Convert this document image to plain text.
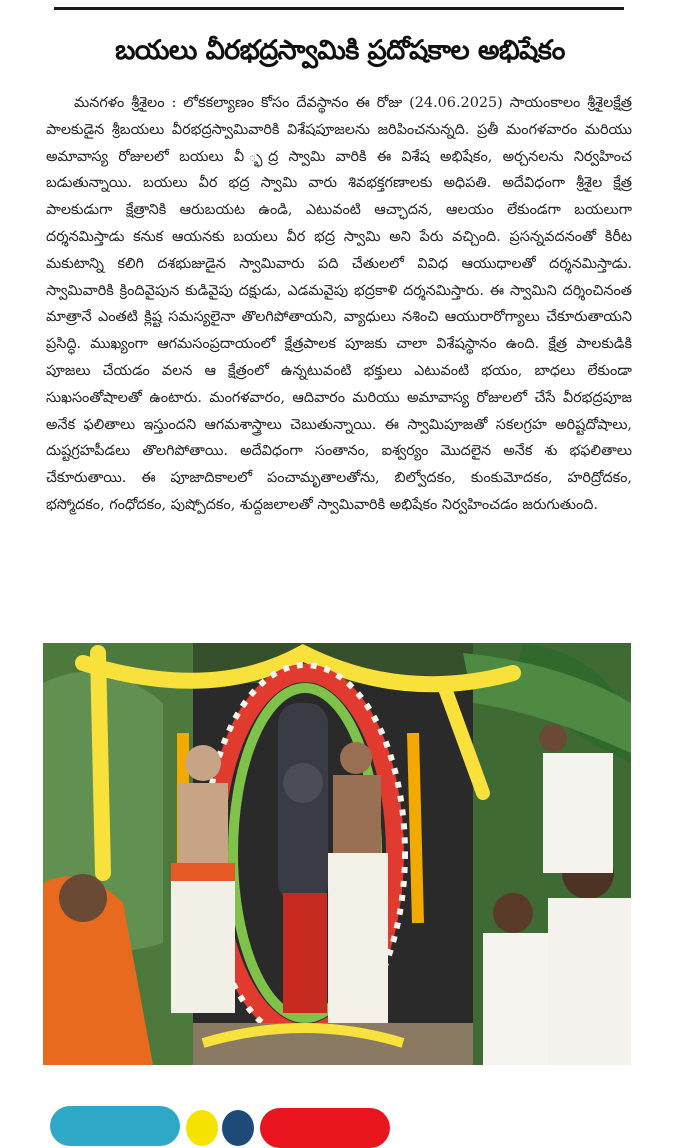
బయలు వీరభద్రస్వామికి ప్రదోషకాల అభిషేకం

మనగళం శ్రీశైలం : లోకకల్యాణం కోసం దేవస్థానం ఈ రోజు (24.06.2025) సాయంకాలం శ్రీశైలక్షేత్ర పాలకుడైన శ్రీబయలు వీరభద్రస్వామివారికి విశేషపూజలను జరిపించనున్నది. ప్రతీ మంగళవారం మరియు అమావాస్య రోజులలో బయలు వీ ్భద్ర స్వామి వారికి ఈ విశేష అభిషేకం, అర్చనలను నిర్వహించ బడుతున్నాయి. బయలు వీర భద్ర స్వామి వారు శివభక్తగణాలకు అధిపతి. అదేవిధంగా శ్రీశైల క్షేత్ర పాలకుడుగా క్షేత్రానికి ఆరుబయట ఉండి, ఎటువంటి ఆచ్ఛాదన, ఆలయం లేకుండగా బయలుగా దర్శనమిస్తాడు కనుక ఆయనకు బయలు వీర భద్ర స్వామి అని పేరు వచ్చింది. ప్రసన్నవదనంతో కిరీట మకుటాన్ని కలిగి దశభుజుడైన స్వామివారు పది చేతులలో వివిధ ఆయుధాలతో దర్శనమిస్తాడు. స్వామివారికి క్రిందివైపున కుడివైపు దక్షుడు, ఎడమవైపు భద్రకాళి దర్శనమిస్తారు. ఈ స్వామిని దర్శించినంత మాత్రానే ఎంతటి క్లిష్ట సమస్యలైనా తొలగిపోతాయని, వ్యాధులు నశించి ఆయురారోగ్యాలు చేకూరుతాయని ప్రసిద్ధి. ముఖ్యంగా ఆగమసంప్రదాయంలో క్షేత్రపాలక పూజకు చాలా విశేషస్థానం ఉంది. క్షేత్ర పాలకుడికి పూజలు చేయడం వలన ఆ క్షేత్రంలో ఉన్నటువంటి భక్తులు ఎటువంటి భయం, బాధలు లేకుండా సుఖసంతోషాలతో ఉంటారు. మంగళవారం, ఆదివారం మరియు అమావాస్య రోజులలో చేసే వీరభద్రపూజ అనేక ఫలితాలు ఇస్తుందని ఆగమశాస్త్రాలు చెబుతున్నాయి. ఈ స్వామిపూజతో సకలగ్రహ అరిష్టదోషాలు, దుష్టగ్రహపీడలు తొలగిపోతాయి. అదేవిధంగా సంతానం, ఐశ్వర్యం మొదలైన అనేక శు భఫలితాలు చేకూరుతాయి. ఈ పూజాదికాలలో పంచామృతాలతోను, బిల్వోదకం, కుంకుమోదకం, హరిద్రోదకం, భస్మోదకం, గంధోదకం, పుష్పోదకం, శుద్దజలాలతో స్వామివారికి అభిషేకం నిర్వహించడం జరుగుతుంది.
